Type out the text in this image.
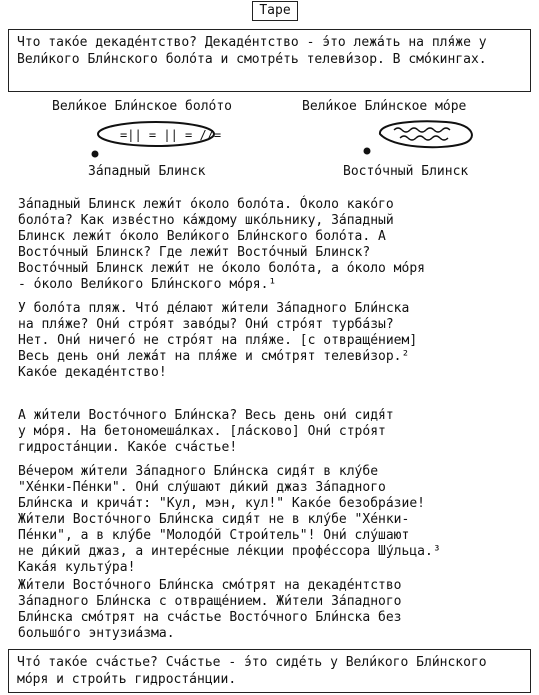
Tape
Что такóе декадéнтство? Декадéнтство - э́то лежáть на пля́же у Вели́кого Бли́нского болóта и смотрéть телеви́зор. В смóкингах.
Вели́кое Бли́нское болóто
=|| = || = //=
Зáпадный Блинск
Вели́кое Бли́нское мóре
Востóчный Блинск
Зáпадный Блинск лежи́т óколо болóта. Óколо какóго
болóта? Как извéстно кáждому шкóльнику, Зáпадный
Блинск лежи́т óколо Вели́кого Бли́нского болóта. А
Востóчный Блинск? Где лежи́т Востóчный Блинск?
Востóчный Блинск лежи́т не óколо болóта, а óколо мóря
- óколо Вели́кого Бли́нского мóря.¹
У болóта пляж. Что́ дéлают жи́тели Зáпадного Бли́нска
на пля́же? Они́ стрóят завóды? Они́ стрóят турбáзы?
Нет. Они́ ничегó не стрóят на пля́же. [с отвращéнием]
Весь день они́ лежáт на пля́же и смóтрят телеви́зор.²
Какóе декадéнтство!
А жи́тели Востóчного Бли́нска? Весь день они́ сидя́т
у мóря. На бетономешáлках. [лáсково] Они́ стрóят
гидростáнции. Какóе счáстье!
Вéчером жи́тели Зáпадного Бли́нска сидя́т в клýбе
"Хéнки-Пéнки". Они́ слýшают ди́кий джаз Зáпадного
Бли́нска и кричáт: "Кул, мэн, кул!" Какóе безобрáзие!
Жи́тели Востóчного Бли́нска сидя́т не в клýбе "Хéнки-
Пéнки", а в клýбе "Молодóй Строи́тель"! Они́ слýшают
не ди́кий джаз, а интерéсные лéкции профéссора Шýльца.³
Какáя культýра!
Жи́тели Востóчного Бли́нска смóтрят на декадéнтство
Зáпадного Бли́нска с отвращéнием. Жи́тели Зáпадного
Бли́нска смóтрят на счáстье Востóчного Бли́нска без
большóго энтузиáзма.
Что́ такóе счáстье? Счáстье - э́то сидéть у Вели́кого Бли́нского мóря и строи́ть гидростáнции.
